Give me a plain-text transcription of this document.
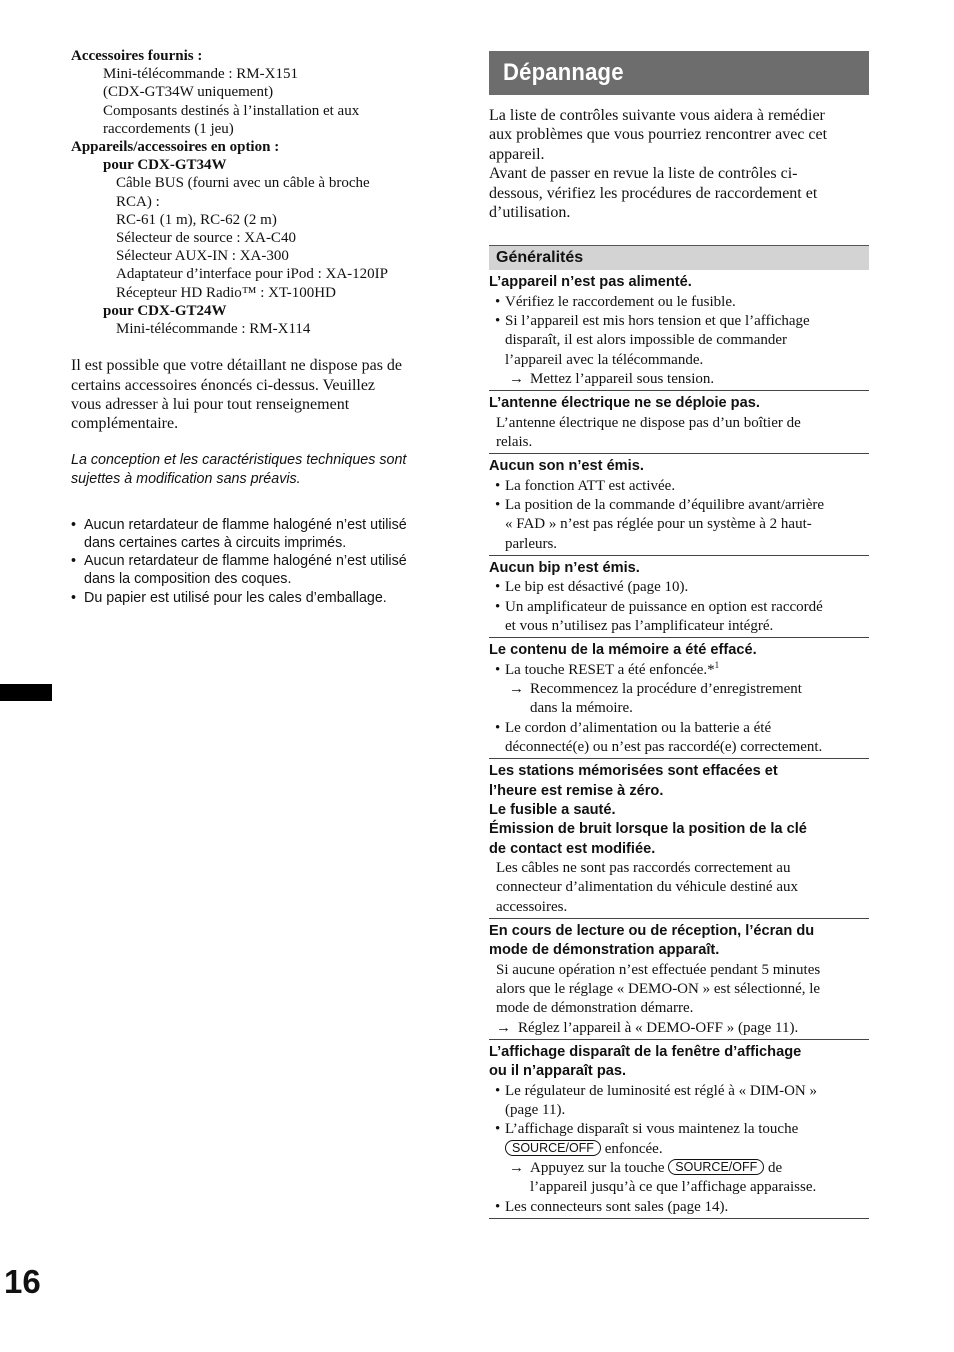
Accessoires fournis :

Mini-télécommande : RM-X151

(CDX-GT34W uniquement)

Composants destinés à l’installation et aux

raccordements (1 jeu)

Appareils/accessoires en option :

pour CDX-GT34W

Câble BUS (fourni avec un câble à broche

RCA) :

RC-61 (1 m), RC-62 (2 m)

Sélecteur de source : XA-C40

Sélecteur AUX-IN : XA-300

Adaptateur d’interface pour iPod : XA-120IP

Récepteur HD Radio™ : XT-100HD

pour CDX-GT24W

Mini-télécommande : RM-X114

Il est possible que votre détaillant ne dispose pas de
certains accessoires énoncés ci-dessus. Veuillez
vous adresser à lui pour tout renseignement
complémentaire.
La conception et les caractéristiques techniques sont
sujettes à modification sans préavis.
• Aucun retardateur de flamme halogéné n’est utilisé
dans certaines cartes à circuits imprimés.
• Aucun retardateur de flamme halogéné n’est utilisé
dans la composition des coques.
• Du papier est utilisé pour les cales d’emballage.
16
Dépannage
La liste de contrôles suivante vous aidera à remédier
aux problèmes que vous pourriez rencontrer avec cet
appareil.
Avant de passer en revue la liste de contrôles ci-
dessous, vérifiez les procédures de raccordement et
d’utilisation.
Généralités

L’appareil n’est pas alimenté.

• Vérifiez le raccordement ou le fusible.

• Si l’appareil est mis hors tension et que l’affichage

disparaît, il est alors impossible de commander

l’appareil avec la télécommande.

→ Mettez l’appareil sous tension.

L’antenne électrique ne se déploie pas.

L’antenne électrique ne dispose pas d’un boîtier de

relais.

Aucun son n’est émis.

• La fonction ATT est activée.

• La position de la commande d’équilibre avant/arrière

« FAD » n’est pas réglée pour un système à 2 haut-

parleurs.

Aucun bip n’est émis.

• Le bip est désactivé (page 10).

• Un amplificateur de puissance en option est raccordé

et vous n’utilisez pas l’amplificateur intégré.

Le contenu de la mémoire a été effacé.

• La touche RESET a été enfoncée.*$^1$

→ Recommencez la procédure d’enregistrement

dans la mémoire.

• Le cordon d’alimentation ou la batterie a été

déconnecté(e) ou n’est pas raccordé(e) correctement.

Les stations mémorisées sont effacées et
l’heure est remise à zéro.
Le fusible a sauté.
Émission de bruit lorsque la position de la clé
de contact est modifiée.

Les câbles ne sont pas raccordés correctement au

connecteur d’alimentation du véhicule destiné aux

accessoires.

En cours de lecture ou de réception, l’écran du
mode de démonstration apparaît.

Si aucune opération n’est effectuée pendant 5 minutes

alors que le réglage « DEMO-ON » est sélectionné, le

mode de démonstration démarre.

→ Réglez l’appareil à « DEMO-OFF » (page 11).

L’affichage disparaît de la fenêtre d’affichage
ou il n’apparaît pas.

• Le régulateur de luminosité est réglé à « DIM-ON »

(page 11).

• L’affichage disparaît si vous maintenez la touche

SOURCE/OFF enfoncée.

→ Appuyez sur la touche SOURCE/OFF de

l’appareil jusqu’à ce que l’affichage apparaisse.

• Les connecteurs sont sales (page 14).
